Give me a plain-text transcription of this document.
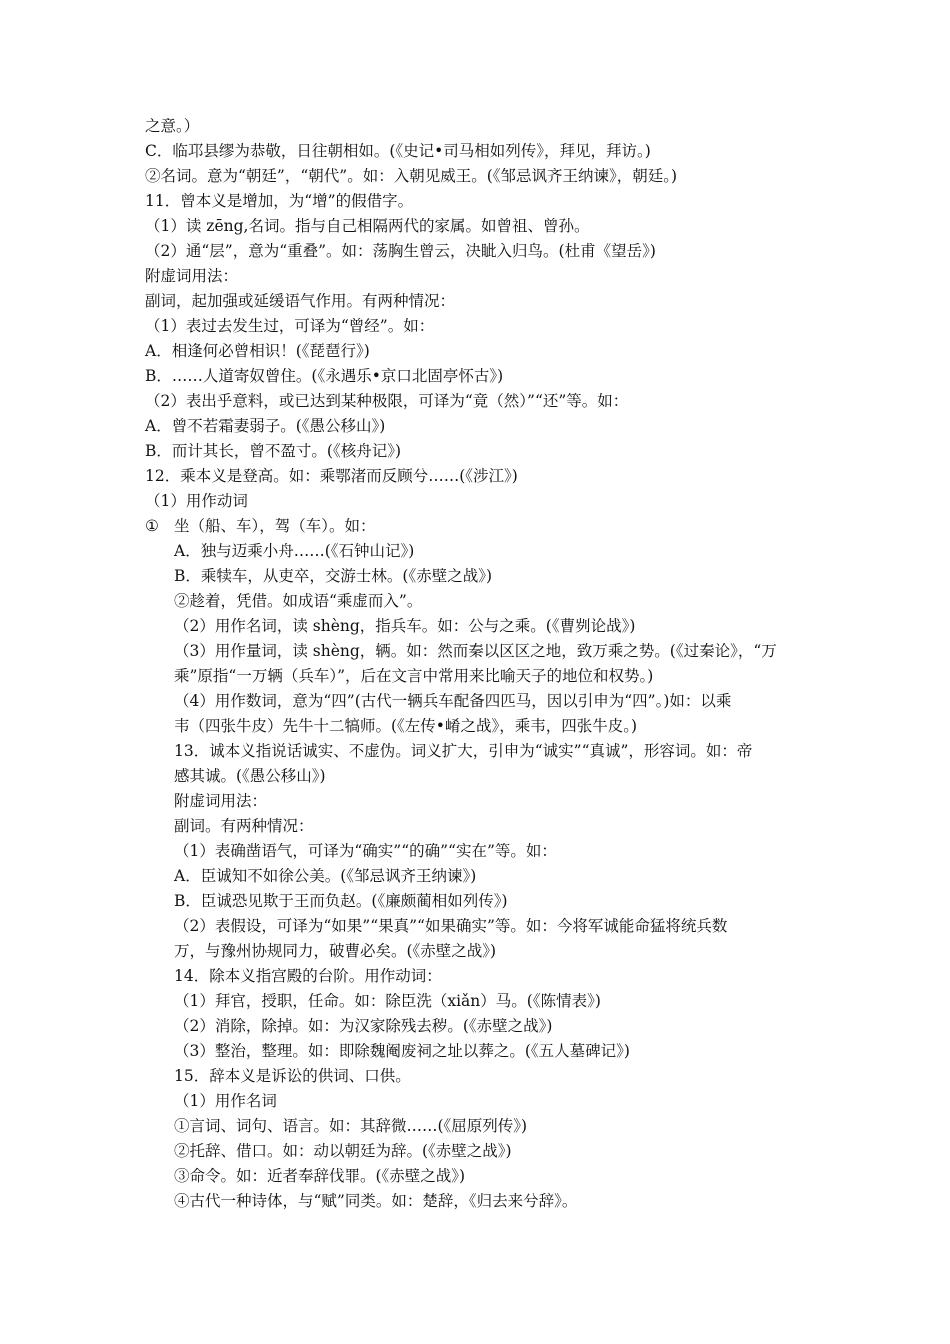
之意。）
C．临邛县缪为恭敬，日往朝相如。(《史记•司马相如列传》，拜见，拜访。)
②名词。意为“朝廷”，“朝代”。如：入朝见威王。(《邹忌讽齐王纳谏》，朝廷。)
11．曾本义是增加，为“增”的假借字。
（1）读 zēng,名词。指与自己相隔两代的家属。如曾祖、曾孙。
（2）通“层”，意为“重叠”。如：荡胸生曾云，决眦入归鸟。(杜甫《望岳》)
附虚词用法：
副词，起加强或延缓语气作用。有两种情况：
（1）表过去发生过，可译为“曾经”。如：
A．相逢何必曾相识！(《琵琶行》)
B．……人道寄奴曾住。(《永遇乐•京口北固亭怀古》)
（2）表出乎意料，或已达到某种极限，可译为“竟（然）”“还”等。如：
A．曾不若霜妻弱子。(《愚公移山》)
B．而计其长，曾不盈寸。(《核舟记》)
12．乘本义是登高。如：乘鄂渚而反顾兮……(《涉江》)
（1）用作动词
① 坐（船、车），驾（车）。如：
A．独与迈乘小舟……(《石钟山记》)
B．乘犊车，从吏卒，交游士林。(《赤壁之战》)
②趁着，凭借。如成语“乘虚而入”。
（2）用作名词，读 shèng，指兵车。如：公与之乘。(《曹刿论战》)
（3）用作量词，读 shèng，辆。如：然而秦以区区之地，致万乘之势。(《过秦论》，“万
乘”原指“一万辆（兵车）”，后在文言中常用来比喻天子的地位和权势。)
（4）用作数词，意为“四”(古代一辆兵车配备四匹马，因以引申为“四”。)如：以乘
韦（四张牛皮）先牛十二犒师。(《左传•崤之战》，乘韦，四张牛皮。)
13．诚本义指说话诚实、不虚伪。词义扩大，引申为“诚实”“真诚”，形容词。如：帝
感其诚。(《愚公移山》)
附虚词用法：
副词。有两种情况：
（1）表确凿语气，可译为“确实”“的确”“实在”等。如：
A．臣诚知不如徐公美。(《邹忌讽齐王纳谏》)
B．臣诚恐见欺于王而负赵。(《廉颇蔺相如列传》)
（2）表假设，可译为“如果”“果真”“如果确实”等。如：今将军诚能命猛将统兵数
万，与豫州协规同力，破曹必矣。(《赤壁之战》)
14．除本义指宫殿的台阶。用作动词：
（1）拜官，授职，任命。如：除臣洗（xiǎn）马。(《陈情表》)
（2）消除，除掉。如：为汉家除残去秽。(《赤壁之战》)
（3）整治，整理。如：即除魏阉废祠之址以葬之。(《五人墓碑记》)
15．辞本义是诉讼的供词、口供。
（1）用作名词
①言词、词句、语言。如：其辞微……(《屈原列传》)
②托辞、借口。如：动以朝廷为辞。(《赤壁之战》)
③命令。如：近者奉辞伐罪。(《赤壁之战》)
④古代一种诗体，与“赋”同类。如：楚辞，《归去来兮辞》。
